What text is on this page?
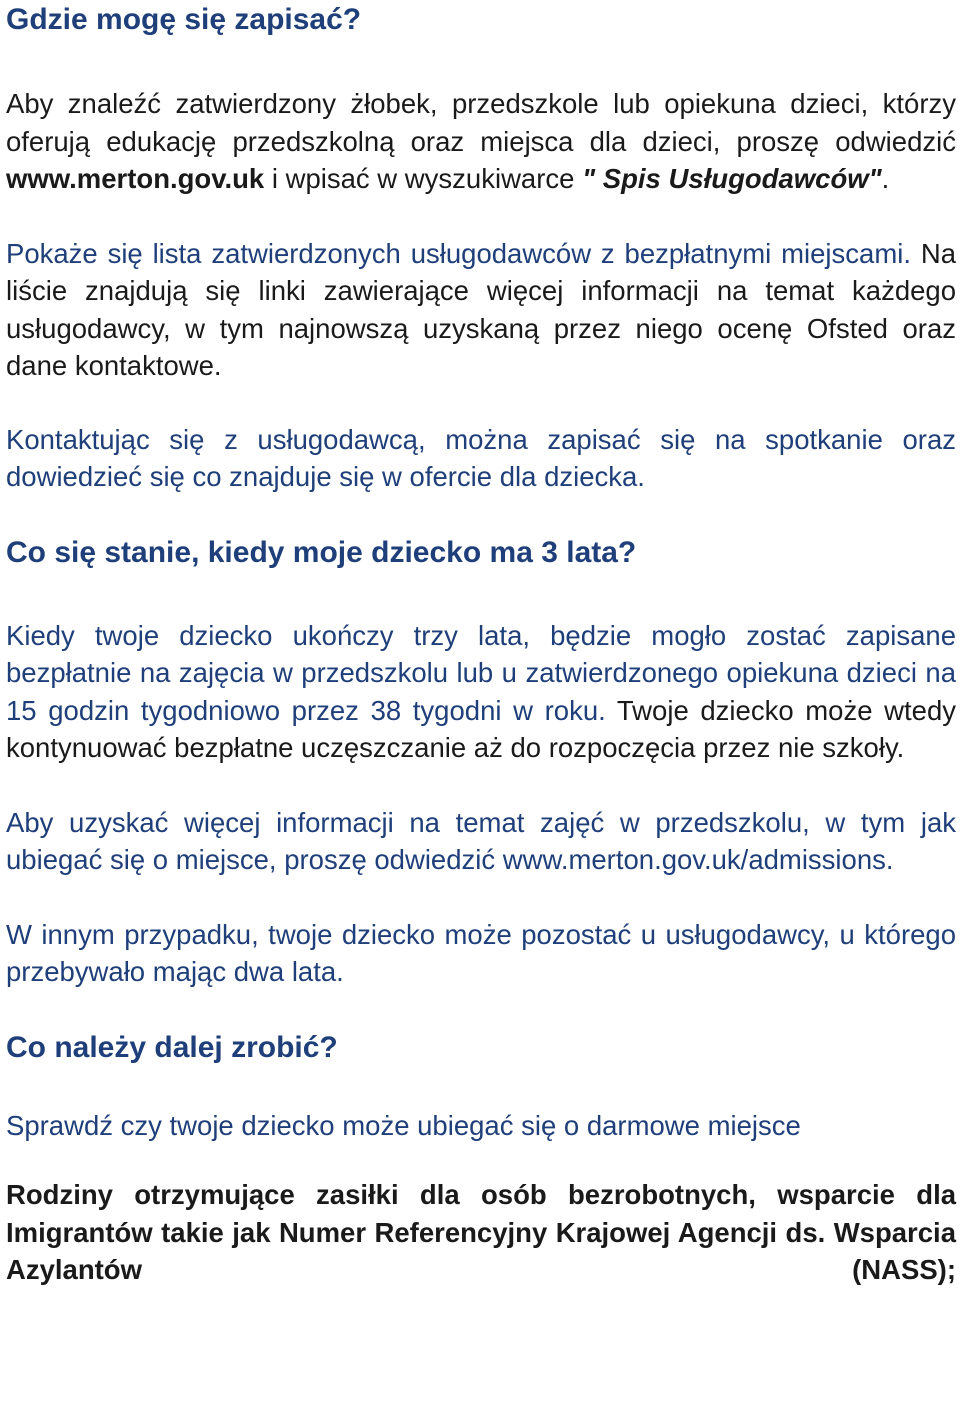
Gdzie mogę się zapisać?

Aby znaleźć zatwierdzony żłobek, przedszkole lub opiekuna dzieci, którzy oferują edukację przedszkolną oraz miejsca dla dzieci, proszę odwiedzić www.merton.gov.uk i wpisać w wyszukiwarce " Spis Usługodawców".

Pokaże się lista zatwierdzonych usługodawców z bezpłatnymi miejscami. Na liście znajdują się linki zawierające więcej informacji na temat każdego usługodawcy, w tym najnowszą uzyskaną przez niego ocenę Ofsted oraz dane kontaktowe.

Kontaktując się z usługodawcą, można zapisać się na spotkanie oraz dowiedzieć się co znajduje się w ofercie dla dziecka.

Co się stanie, kiedy moje dziecko ma 3 lata?

Kiedy twoje dziecko ukończy trzy lata, będzie mogło zostać zapisane bezpłatnie na zajęcia w przedszkolu lub u zatwierdzonego opiekuna dzieci na 15 godzin tygodniowo przez 38 tygodni w roku. Twoje dziecko może wtedy kontynuować bezpłatne uczęszczanie aż do rozpoczęcia przez nie szkoły.

Aby uzyskać więcej informacji na temat zajęć w przedszkolu, w tym jak ubiegać się o miejsce, proszę odwiedzić www.merton.gov.uk/admissions.

W innym przypadku, twoje dziecko może pozostać u usługodawcy, u którego przebywało mając dwa lata.

Co należy dalej zrobić?

Sprawdź czy twoje dziecko może ubiegać się o darmowe miejsce

Rodziny otrzymujące zasiłki dla osób bezrobotnych, wsparcie dla Imigrantów takie jak Numer Referencyjny Krajowej Agencji ds. Wsparcia Azylantów (NASS);
